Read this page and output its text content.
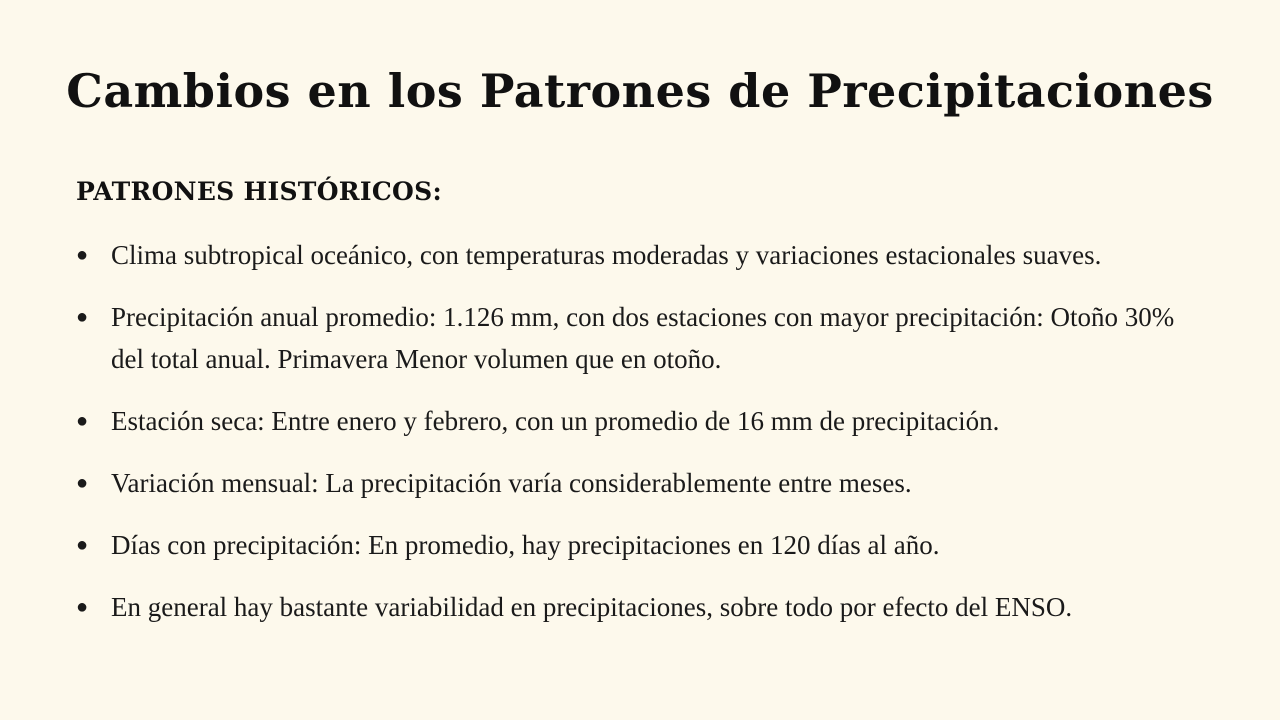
Cambios en los Patrones de Precipitaciones
PATRONES HISTÓRICOS:
● Clima subtropical oceánico, con temperaturas moderadas y variaciones estacionales suaves.
● Precipitación anual promedio: 1.126 mm, con dos estaciones con mayor precipitación: Otoño 30% del total anual. Primavera Menor volumen que en otoño.
● Estación seca: Entre enero y febrero, con un promedio de 16 mm de precipitación.
● Variación mensual: La precipitación varía considerablemente entre meses.
● Días con precipitación: En promedio, hay precipitaciones en 120 días al año.
● En general hay bastante variabilidad en precipitaciones, sobre todo por efecto del ENSO.
